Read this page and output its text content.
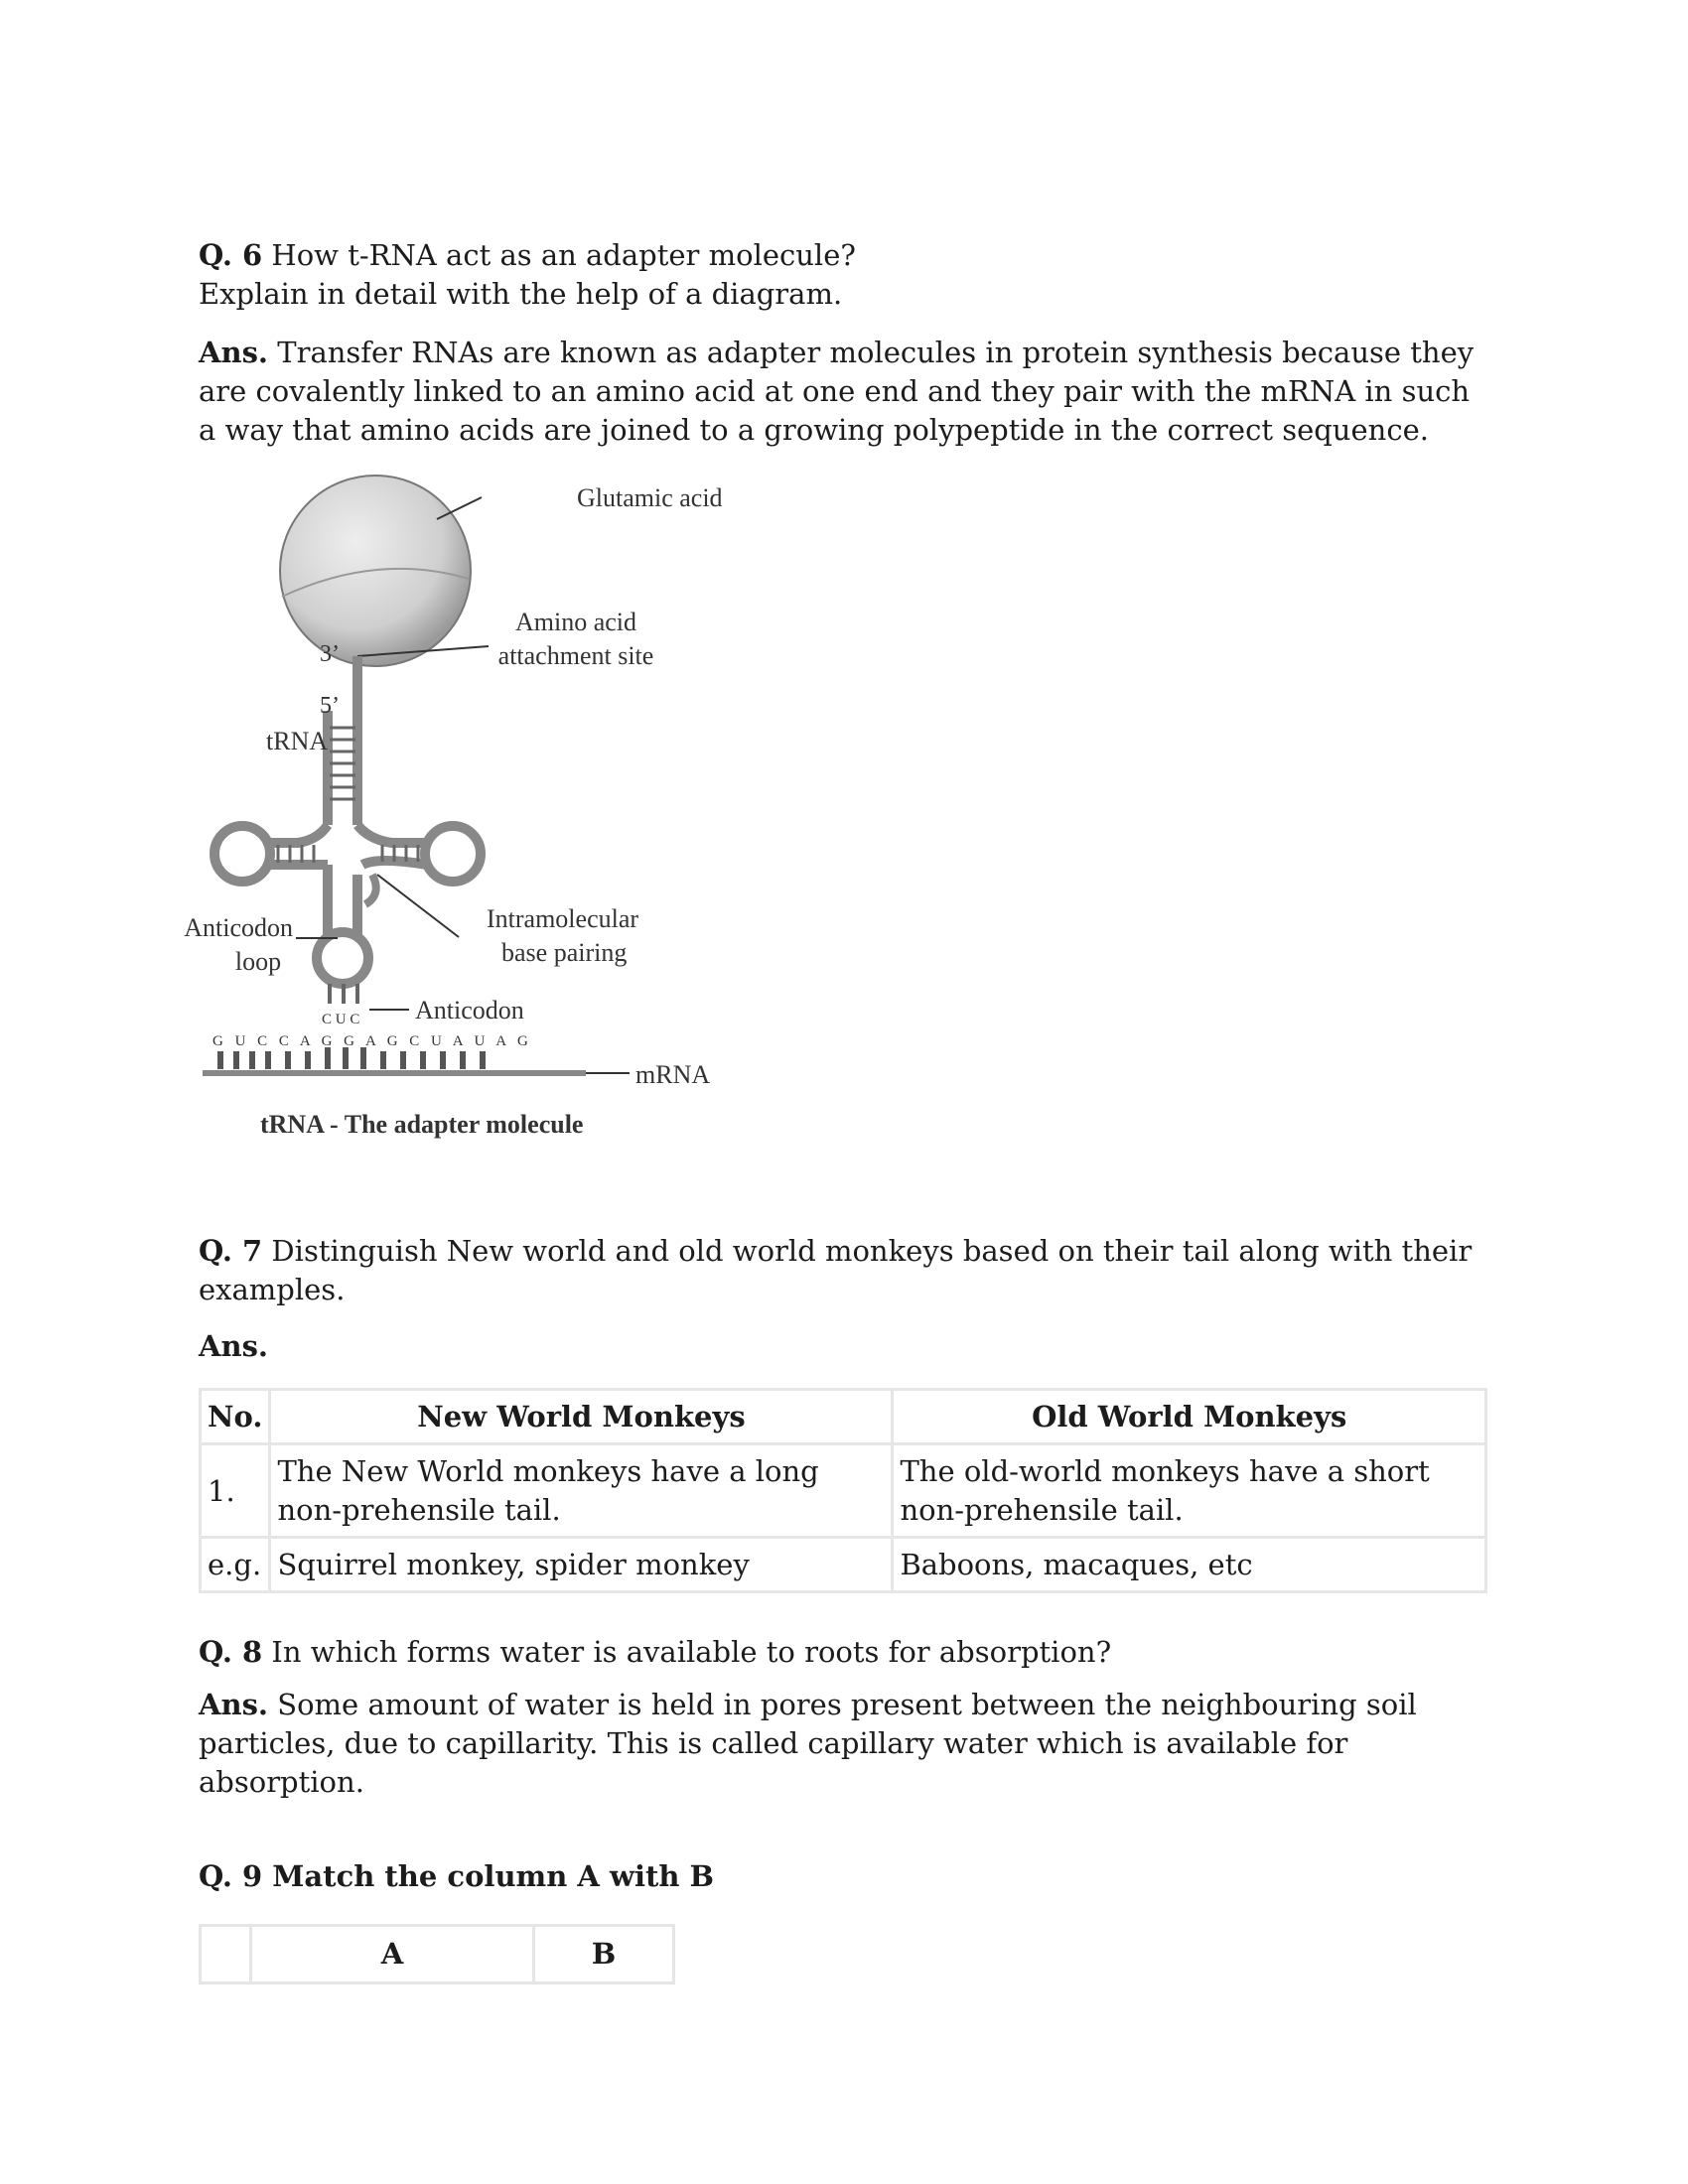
Q. 6 How t-RNA act as an adapter molecule?
Explain in detail with the help of a diagram.

Ans. Transfer RNAs are known as adapter molecules in protein synthesis because they are covalently linked to an amino acid at one end and they pair with the mRNA in such a way that amino acids are joined to a growing polypeptide in the correct sequence.

Glutamic acid
Amino acid
attachment site
3’
5’
tRNA
Anticodon
loop
Intramolecular
base pairing
Anticodon
C U C
G U C C A G G A G C U A U A G
mRNA
tRNA - The adapter molecule

Q. 7 Distinguish New world and old world monkeys based on their tail along with their examples.

Ans.

No.	New World Monkeys	Old World Monkeys
1.	The New World monkeys have a long non-prehensile tail.	The old-world monkeys have a short non-prehensile tail.
e.g.	Squirrel monkey, spider monkey	Baboons, macaques, etc

Q. 8 In which forms water is available to roots for absorption?

Ans. Some amount of water is held in pores present between the neighbouring soil particles, due to capillarity. This is called capillary water which is available for absorption.

Q. 9 Match the column A with B

	A	B
